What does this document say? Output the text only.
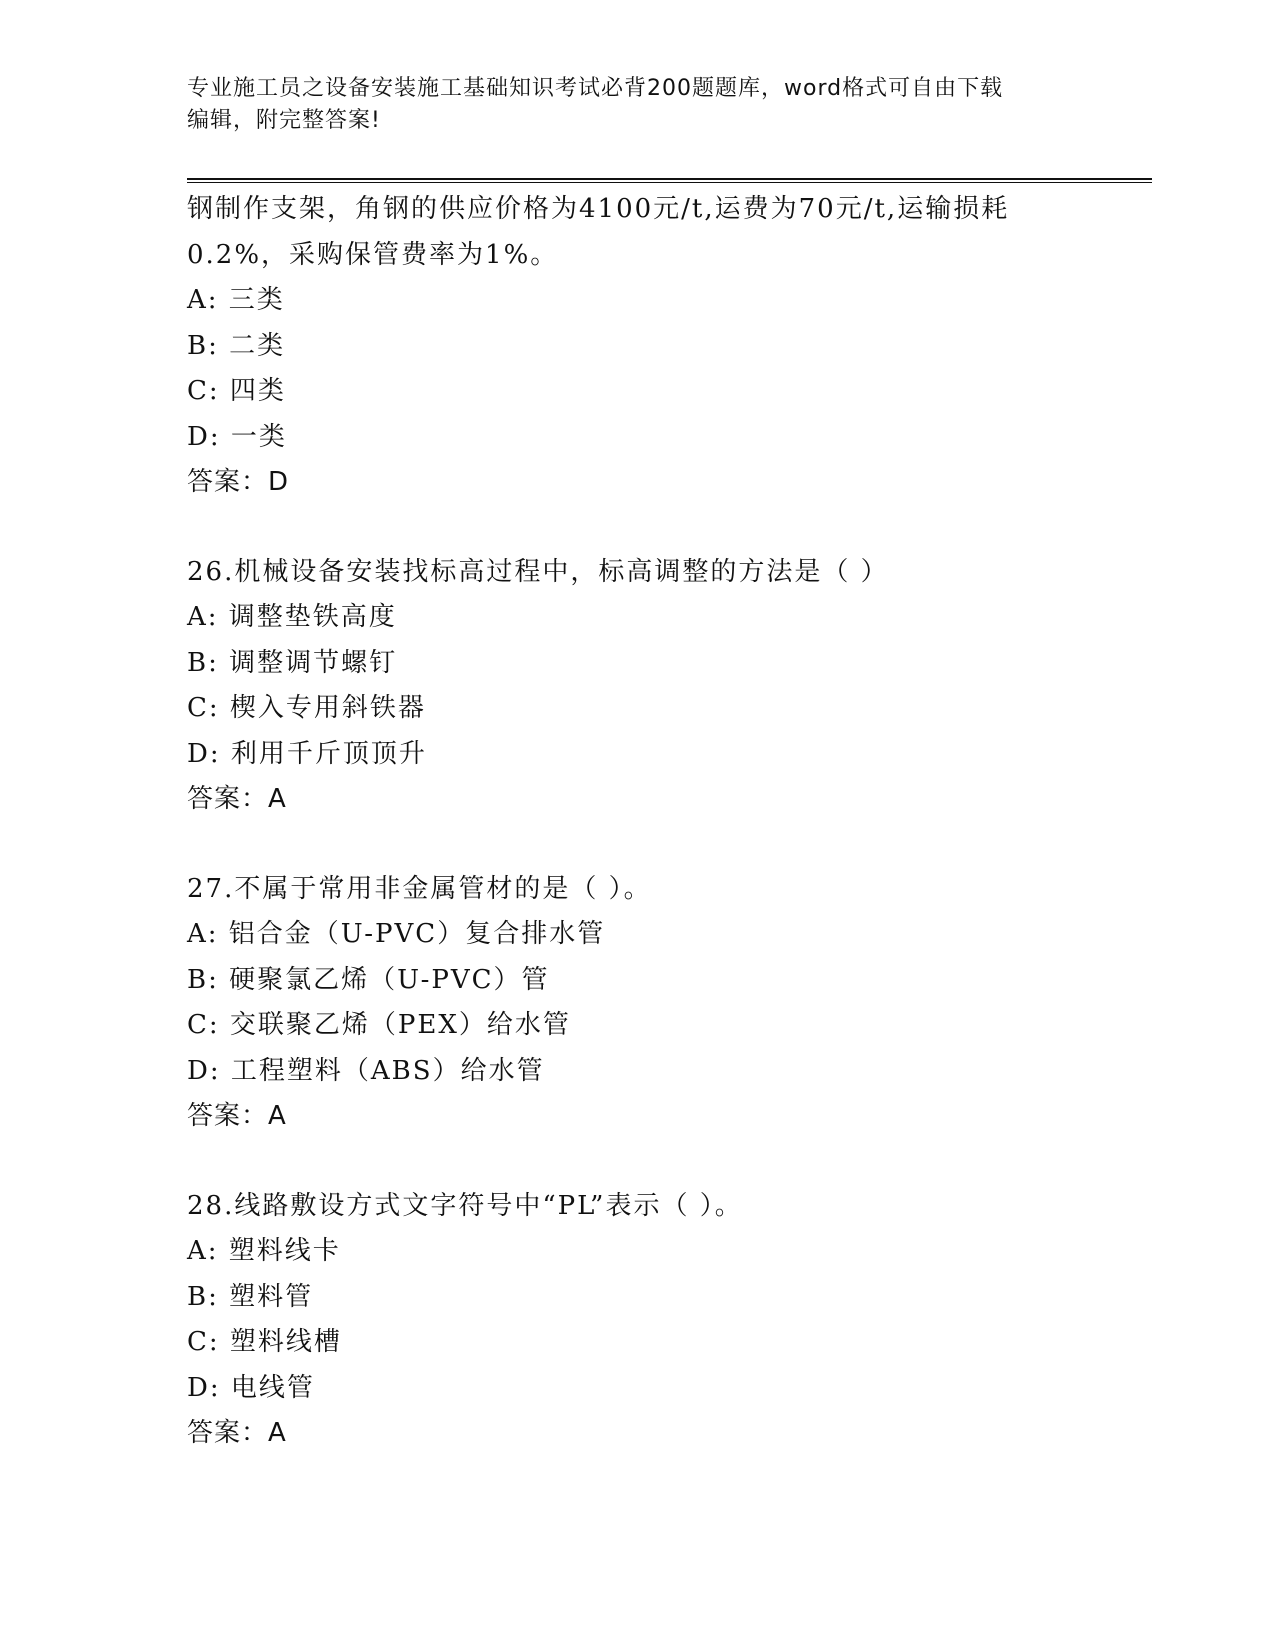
专业施工员之设备安装施工基础知识考试必背200题题库，word格式可自由下载
编辑，附完整答案!
钢制作支架，角钢的供应价格为4100元/t,运费为70元/t,运输损耗
0.2%，采购保管费率为1%。
A: 三类
B: 二类
C: 四类
D: 一类
答案：D
26.机械设备安装找标高过程中，标高调整的方法是（ ）
A: 调整垫铁高度
B: 调整调节螺钉
C: 楔入专用斜铁器
D: 利用千斤顶顶升
答案：A
27.不属于常用非金属管材的是（ ）。
A: 铝合金（U-PVC）复合排水管
B: 硬聚氯乙烯（U-PVC）管
C: 交联聚乙烯（PEX）给水管
D: 工程塑料（ABS）给水管
答案：A
28.线路敷设方式文字符号中“PL”表示（ ）。
A: 塑料线卡
B: 塑料管
C: 塑料线槽
D: 电线管
答案：A
